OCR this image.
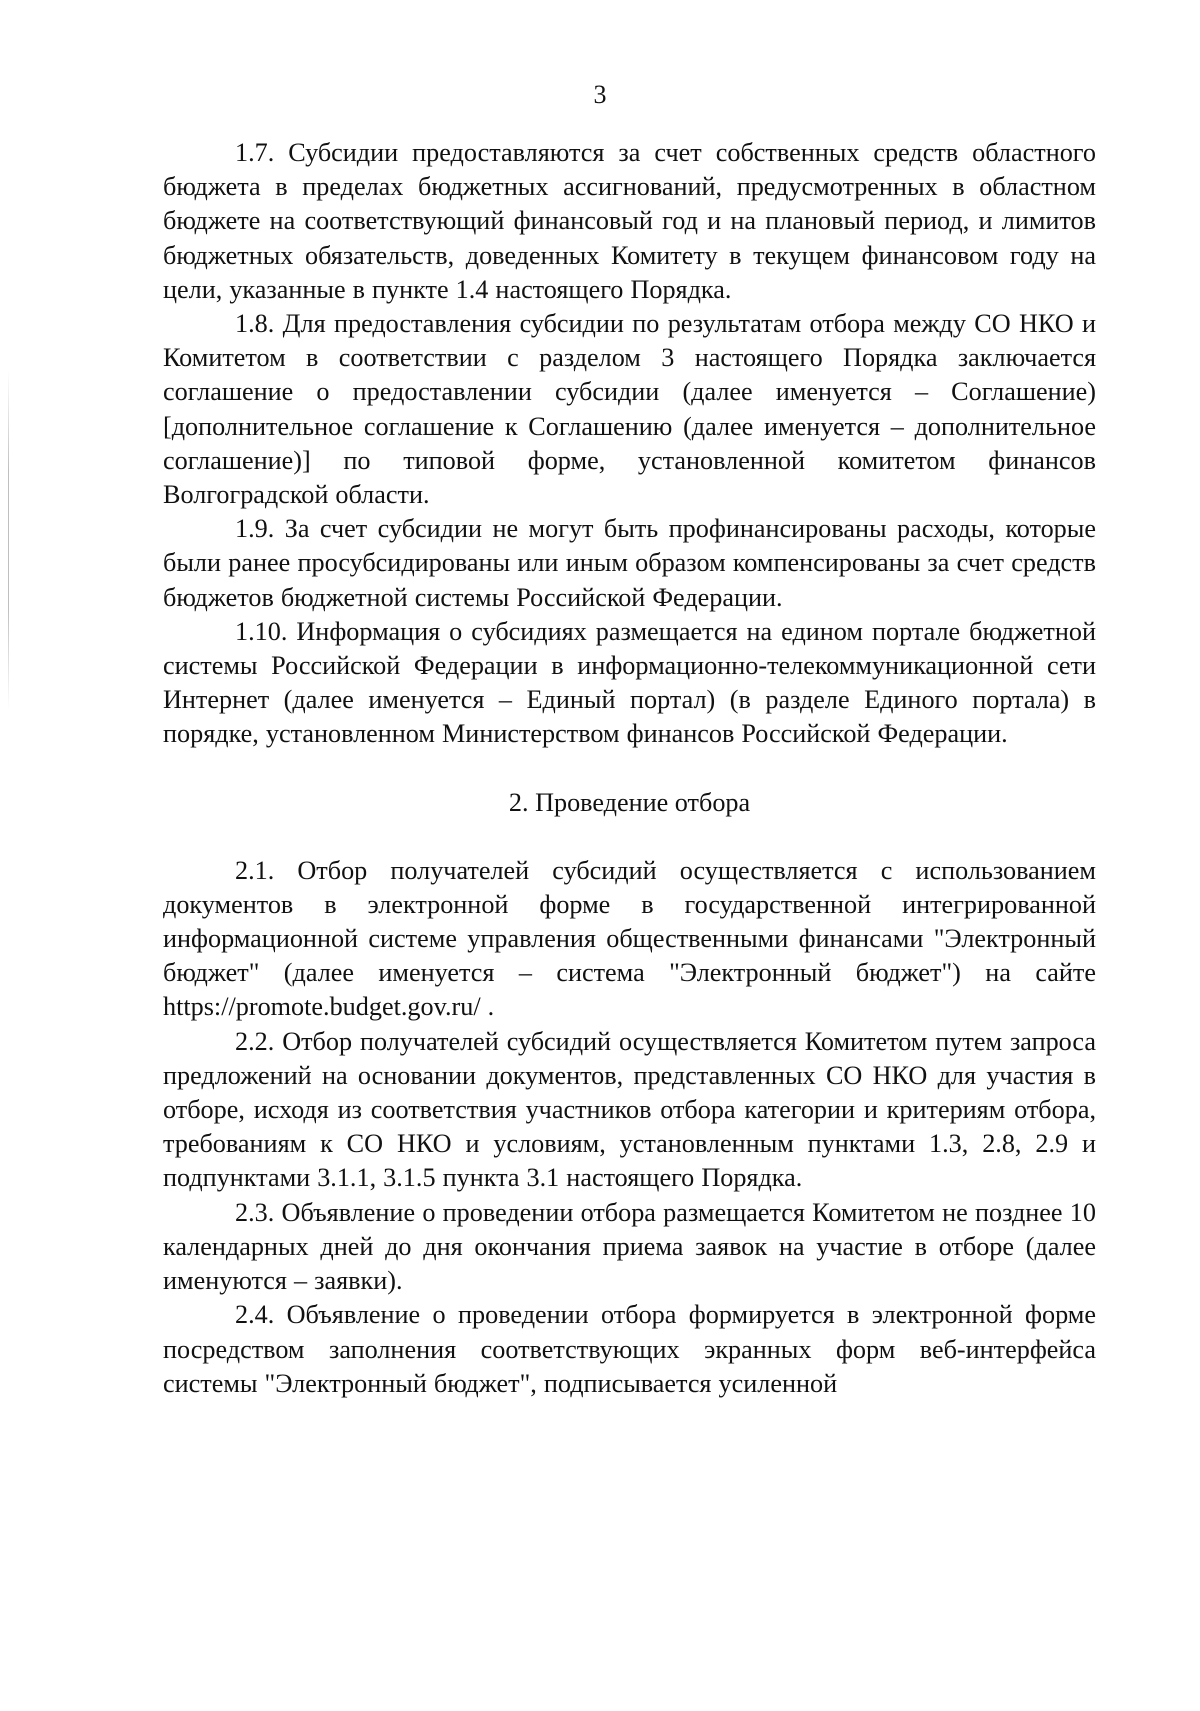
3

1.7. Субсидии предоставляются за счет собственных средств областного бюджета в пределах бюджетных ассигнований, предусмотренных в областном бюджете на соответствующий финансовый год и на плановый период, и лимитов бюджетных обязательств, доведенных Комитету в текущем финансовом году на цели, указанные в пункте 1.4 настоящего Порядка.

1.8. Для предоставления субсидии по результатам отбора между СО НКО и Комитетом в соответствии с разделом 3 настоящего Порядка заключается соглашение о предоставлении субсидии (далее именуется – Соглашение) [дополнительное соглашение к Соглашению (далее именуется – дополнительное соглашение)] по типовой форме, установленной комитетом финансов Волгоградской области.

1.9. За счет субсидии не могут быть профинансированы расходы, которые были ранее просубсидированы или иным образом компенсированы за счет средств бюджетов бюджетной системы Российской Федерации.

1.10. Информация о субсидиях размещается на едином портале бюджетной системы Российской Федерации в информационно-телекоммуникационной сети Интернет (далее именуется – Единый портал) (в разделе Единого портала) в порядке, установленном Министерством финансов Российской Федерации.

2. Проведение отбора

2.1. Отбор получателей субсидий осуществляется с использованием документов в электронной форме в государственной интегрированной информационной системе управления общественными финансами "Электронный бюджет" (далее именуется – система "Электронный бюджет") на сайте https://promote.budget.gov.ru/ .

2.2. Отбор получателей субсидий осуществляется Комитетом путем запроса предложений на основании документов, представленных СО НКО для участия в отборе, исходя из соответствия участников отбора категории и критериям отбора, требованиям к СО НКО и условиям, установленным пунктами 1.3, 2.8, 2.9 и подпунктами 3.1.1, 3.1.5 пункта 3.1 настоящего Порядка.

2.3. Объявление о проведении отбора размещается Комитетом не позднее 10 календарных дней до дня окончания приема заявок на участие в отборе (далее именуются – заявки).

2.4. Объявление о проведении отбора формируется в электронной форме посредством заполнения соответствующих экранных форм веб-интерфейса системы "Электронный бюджет", подписывается усиленной
